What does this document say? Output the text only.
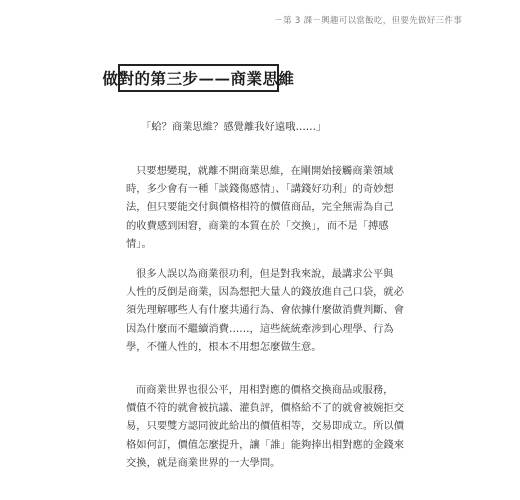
－第 3 課－興趣可以當飯吃，但要先做好三件事
做對的第三步——商業思維

「蛤？商業思維？感覺離我好遠哦……」

只要想變現，就離不開商業思維，在剛開始接觸商業領域
時，多少會有一種「談錢傷感情」、「講錢好功利」的奇妙想
法，但只要能交付與價格相符的價值商品，完全無需為自己
的收費感到困窘，商業的本質在於「交換」，而不是「搏感
情」。

很多人誤以為商業很功利，但是對我來說，最講求公平與
人性的反倒是商業，因為想把大量人的錢放進自己口袋，就必
須先理解哪些人有什麼共通行為、會依據什麼做消費判斷、會
因為什麼而不繼續消費……，這些統統牽涉到心理學、行為
學，不懂人性的，根本不用想怎麼做生意。

而商業世界也很公平，用相對應的價格交換商品或服務，
價值不符的就會被抗議、灌負評，價格給不了的就會被婉拒交
易，只要雙方認同彼此給出的價值相等，交易即成立。所以價
格如何訂，價值怎麼提升，讓「誰」能夠捧出相對應的金錢來
交換，就是商業世界的一大學問。
